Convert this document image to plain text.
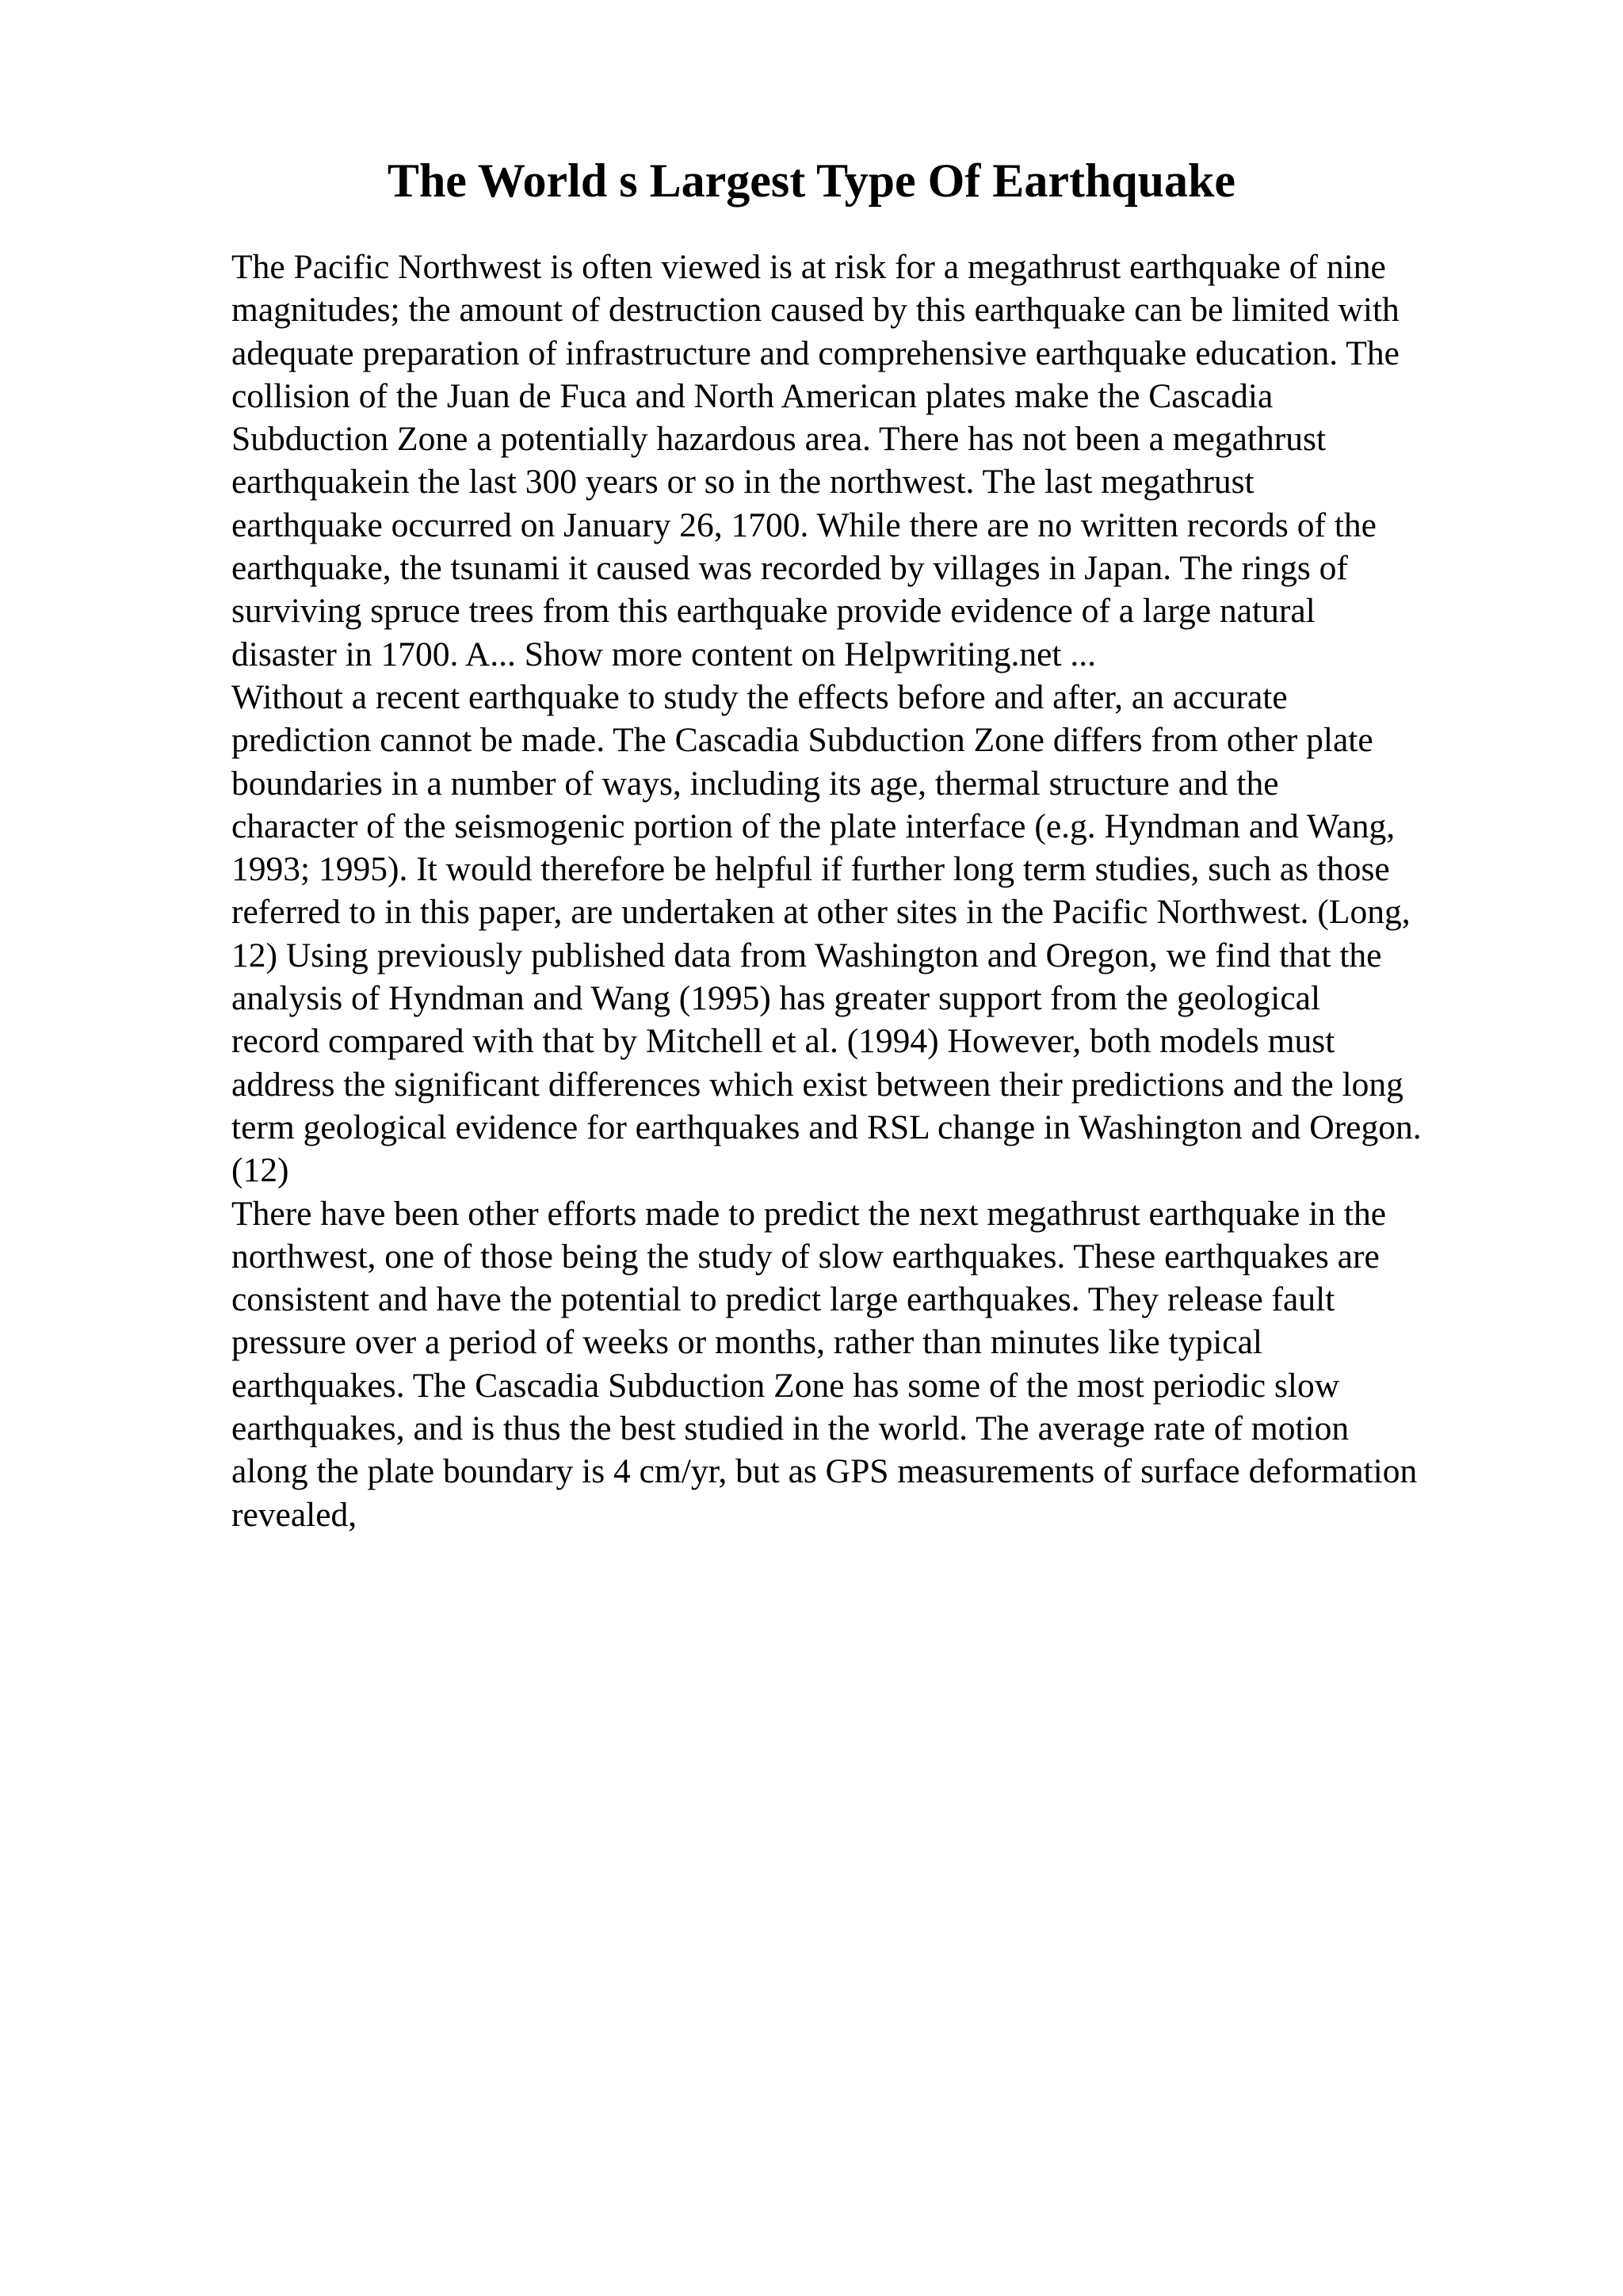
The World s Largest Type Of Earthquake
The Pacific Northwest is often viewed is at risk for a megathrust earthquake of nine
magnitudes; the amount of destruction caused by this earthquake can be limited with
adequate preparation of infrastructure and comprehensive earthquake education. The
collision of the Juan de Fuca and North American plates make the Cascadia
Subduction Zone a potentially hazardous area. There has not been a megathrust
earthquakein the last 300 years or so in the northwest. The last megathrust
earthquake occurred on January 26, 1700. While there are no written records of the
earthquake, the tsunami it caused was recorded by villages in Japan. The rings of
surviving spruce trees from this earthquake provide evidence of a large natural
disaster in 1700. A... Show more content on Helpwriting.net ...
Without a recent earthquake to study the effects before and after, an accurate
prediction cannot be made. The Cascadia Subduction Zone differs from other plate
boundaries in a number of ways, including its age, thermal structure and the
character of the seismogenic portion of the plate interface (e.g. Hyndman and Wang,
1993; 1995). It would therefore be helpful if further long term studies, such as those
referred to in this paper, are undertaken at other sites in the Pacific Northwest. (Long,
12) Using previously published data from Washington and Oregon, we find that the
analysis of Hyndman and Wang (1995) has greater support from the geological
record compared with that by Mitchell et al. (1994) However, both models must
address the significant differences which exist between their predictions and the long
term geological evidence for earthquakes and RSL change in Washington and Oregon.
(12)
There have been other efforts made to predict the next megathrust earthquake in the
northwest, one of those being the study of slow earthquakes. These earthquakes are
consistent and have the potential to predict large earthquakes. They release fault
pressure over a period of weeks or months, rather than minutes like typical
earthquakes. The Cascadia Subduction Zone has some of the most periodic slow
earthquakes, and is thus the best studied in the world. The average rate of motion
along the plate boundary is 4 cm/yr, but as GPS measurements of surface deformation
revealed,
